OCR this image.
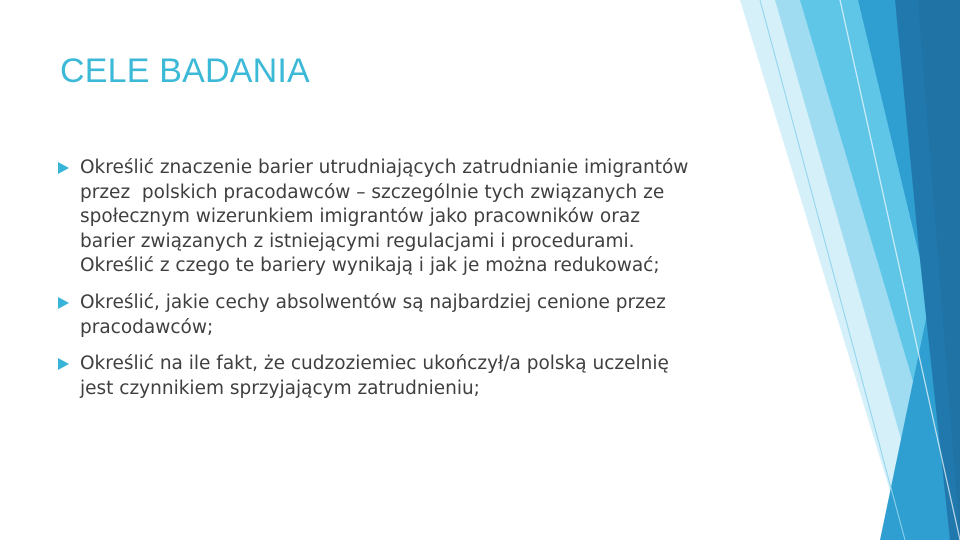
CELE BADANIA
Określić znaczenie barier utrudniających zatrudnianie imigrantów
przez  polskich pracodawców – szczególnie tych związanych ze
społecznym wizerunkiem imigrantów jako pracowników oraz
barier związanych z istniejącymi regulacjami i procedurami.
Określić z czego te bariery wynikają i jak je można redukować;
Określić, jakie cechy absolwentów są najbardziej cenione przez
pracodawców;
Określić na ile fakt, że cudzoziemiec ukończył/a polską uczelnię
jest czynnikiem sprzyjającym zatrudnieniu;
